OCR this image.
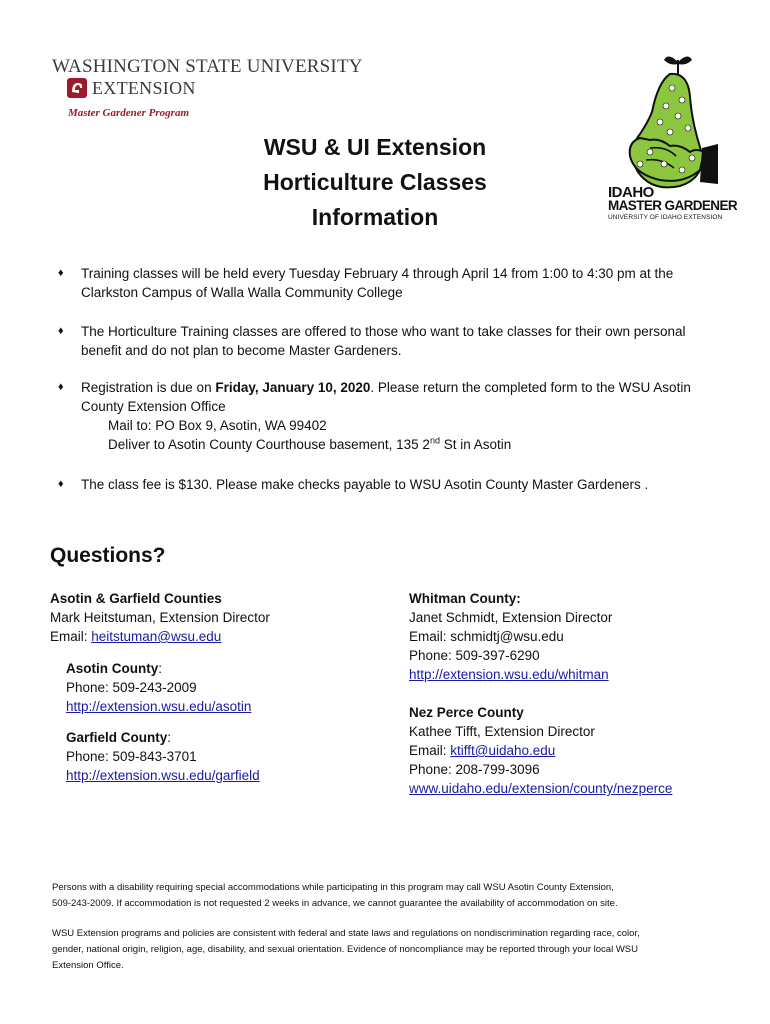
WASHINGTON STATE UNIVERSITY
EXTENSION
Master Gardener Program
WSU & UI Extension
Horticulture Classes
Information
IDAHO
MASTER GARDENER
UNIVERSITY OF IDAHO EXTENSION
♦ Training classes will be held every Tuesday February 4 through April 14 from 1:00 to 4:30 pm at the
Clarkston Campus of Walla Walla Community College
♦ The Horticulture Training classes are offered to those who want to take classes for their own personal
benefit and do not plan to become Master Gardeners.
♦ Registration is due on Friday, January 10, 2020. Please return the completed form to the WSU Asotin
County Extension Office
Mail to: PO Box 9, Asotin, WA 99402
Deliver to Asotin County Courthouse basement, 135 2nd St in Asotin
♦ The class fee is $130. Please make checks payable to WSU Asotin County Master Gardeners .
Questions?
Asotin & Garfield Counties
Mark Heitstuman, Extension Director
Email: heitstuman@wsu.edu
Asotin County:
Phone: 509-243-2009
http://extension.wsu.edu/asotin
Garfield County:
Phone: 509-843-3701
http://extension.wsu.edu/garfield
Whitman County:
Janet Schmidt, Extension Director
Email: schmidtj@wsu.edu
Phone: 509-397-6290
http://extension.wsu.edu/whitman
Nez Perce County
Kathee Tifft, Extension Director
Email: ktifft@uidaho.edu
Phone: 208-799-3096
www.uidaho.edu/extension/county/nezperce
Persons with a disability requiring special accommodations while participating in this program may call WSU Asotin County Extension,
509-243-2009. If accommodation is not requested 2 weeks in advance, we cannot guarantee the availability of accommodation on site.
WSU Extension programs and policies are consistent with federal and state laws and regulations on nondiscrimination regarding race, color,
gender, national origin, religion, age, disability, and sexual orientation. Evidence of noncompliance may be reported through your local WSU
Extension Office.
